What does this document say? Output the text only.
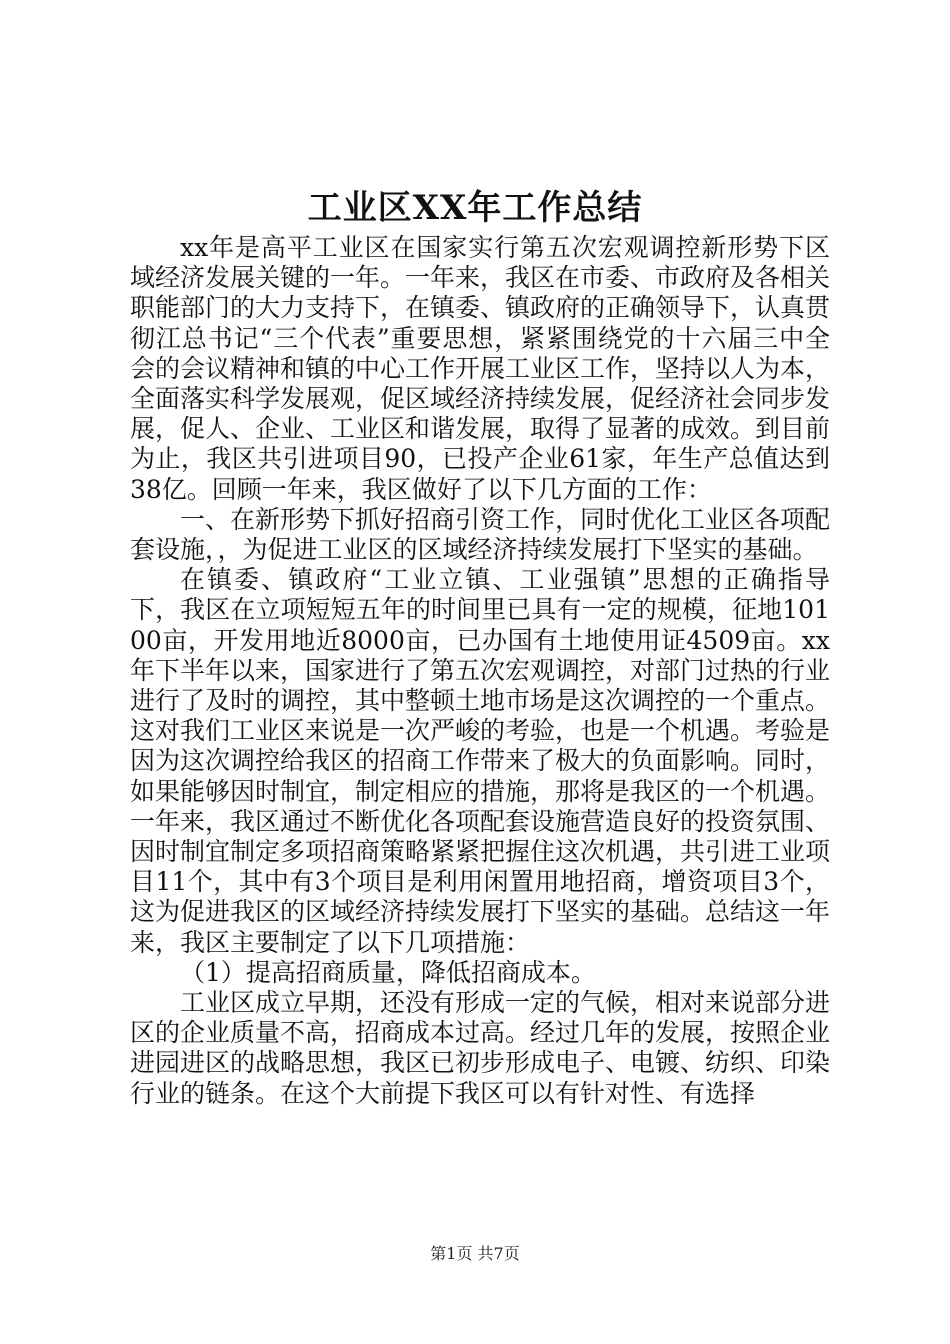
工业区XX年工作总结

xx年是高平工业区在国家实行第五次宏观调控新形势下区域经济发展关键的一年。一年来，我区在市委、市政府及各相关职能部门的大力支持下，在镇委、镇政府的正确领导下，认真贯彻江总书记“三个代表”重要思想，紧紧围绕党的十六届三中全会的会议精神和镇的中心工作开展工业区工作，坚持以人为本，全面落实科学发展观，促区域经济持续发展，促经济社会同步发展，促人、企业、工业区和谐发展，取得了显著的成效。到目前为止，我区共引进项目90，已投产企业61家，年生产总值达到38亿。回顾一年来，我区做好了以下几方面的工作：

一、在新形势下抓好招商引资工作，同时优化工业区各项配套设施，，为促进工业区的区域经济持续发展打下坚实的基础。

在镇委、镇政府“工业立镇、工业强镇”思想的正确指导下，我区在立项短短五年的时间里已具有一定的规模，征地10100亩，开发用地近8000亩，已办国有土地使用证4509亩。xx年下半年以来，国家进行了第五次宏观调控，对部门过热的行业进行了及时的调控，其中整顿土地市场是这次调控的一个重点。这对我们工业区来说是一次严峻的考验，也是一个机遇。考验是因为这次调控给我区的招商工作带来了极大的负面影响。同时，如果能够因时制宜，制定相应的措施，那将是我区的一个机遇。一年来，我区通过不断优化各项配套设施营造良好的投资氛围、因时制宜制定多项招商策略紧紧把握住这次机遇，共引进工业项目11个，其中有3个项目是利用闲置用地招商，增资项目3个，这为促进我区的区域经济持续发展打下坚实的基础。总结这一年来，我区主要制定了以下几项措施：

（1）提高招商质量，降低招商成本。

工业区成立早期，还没有形成一定的气候，相对来说部分进区的企业质量不高，招商成本过高。经过几年的发展，按照企业进园进区的战略思想，我区已初步形成电子、电镀、纺织、印染行业的链条。在这个大前提下我区可以有针对性、有选择

第1页 共7页
